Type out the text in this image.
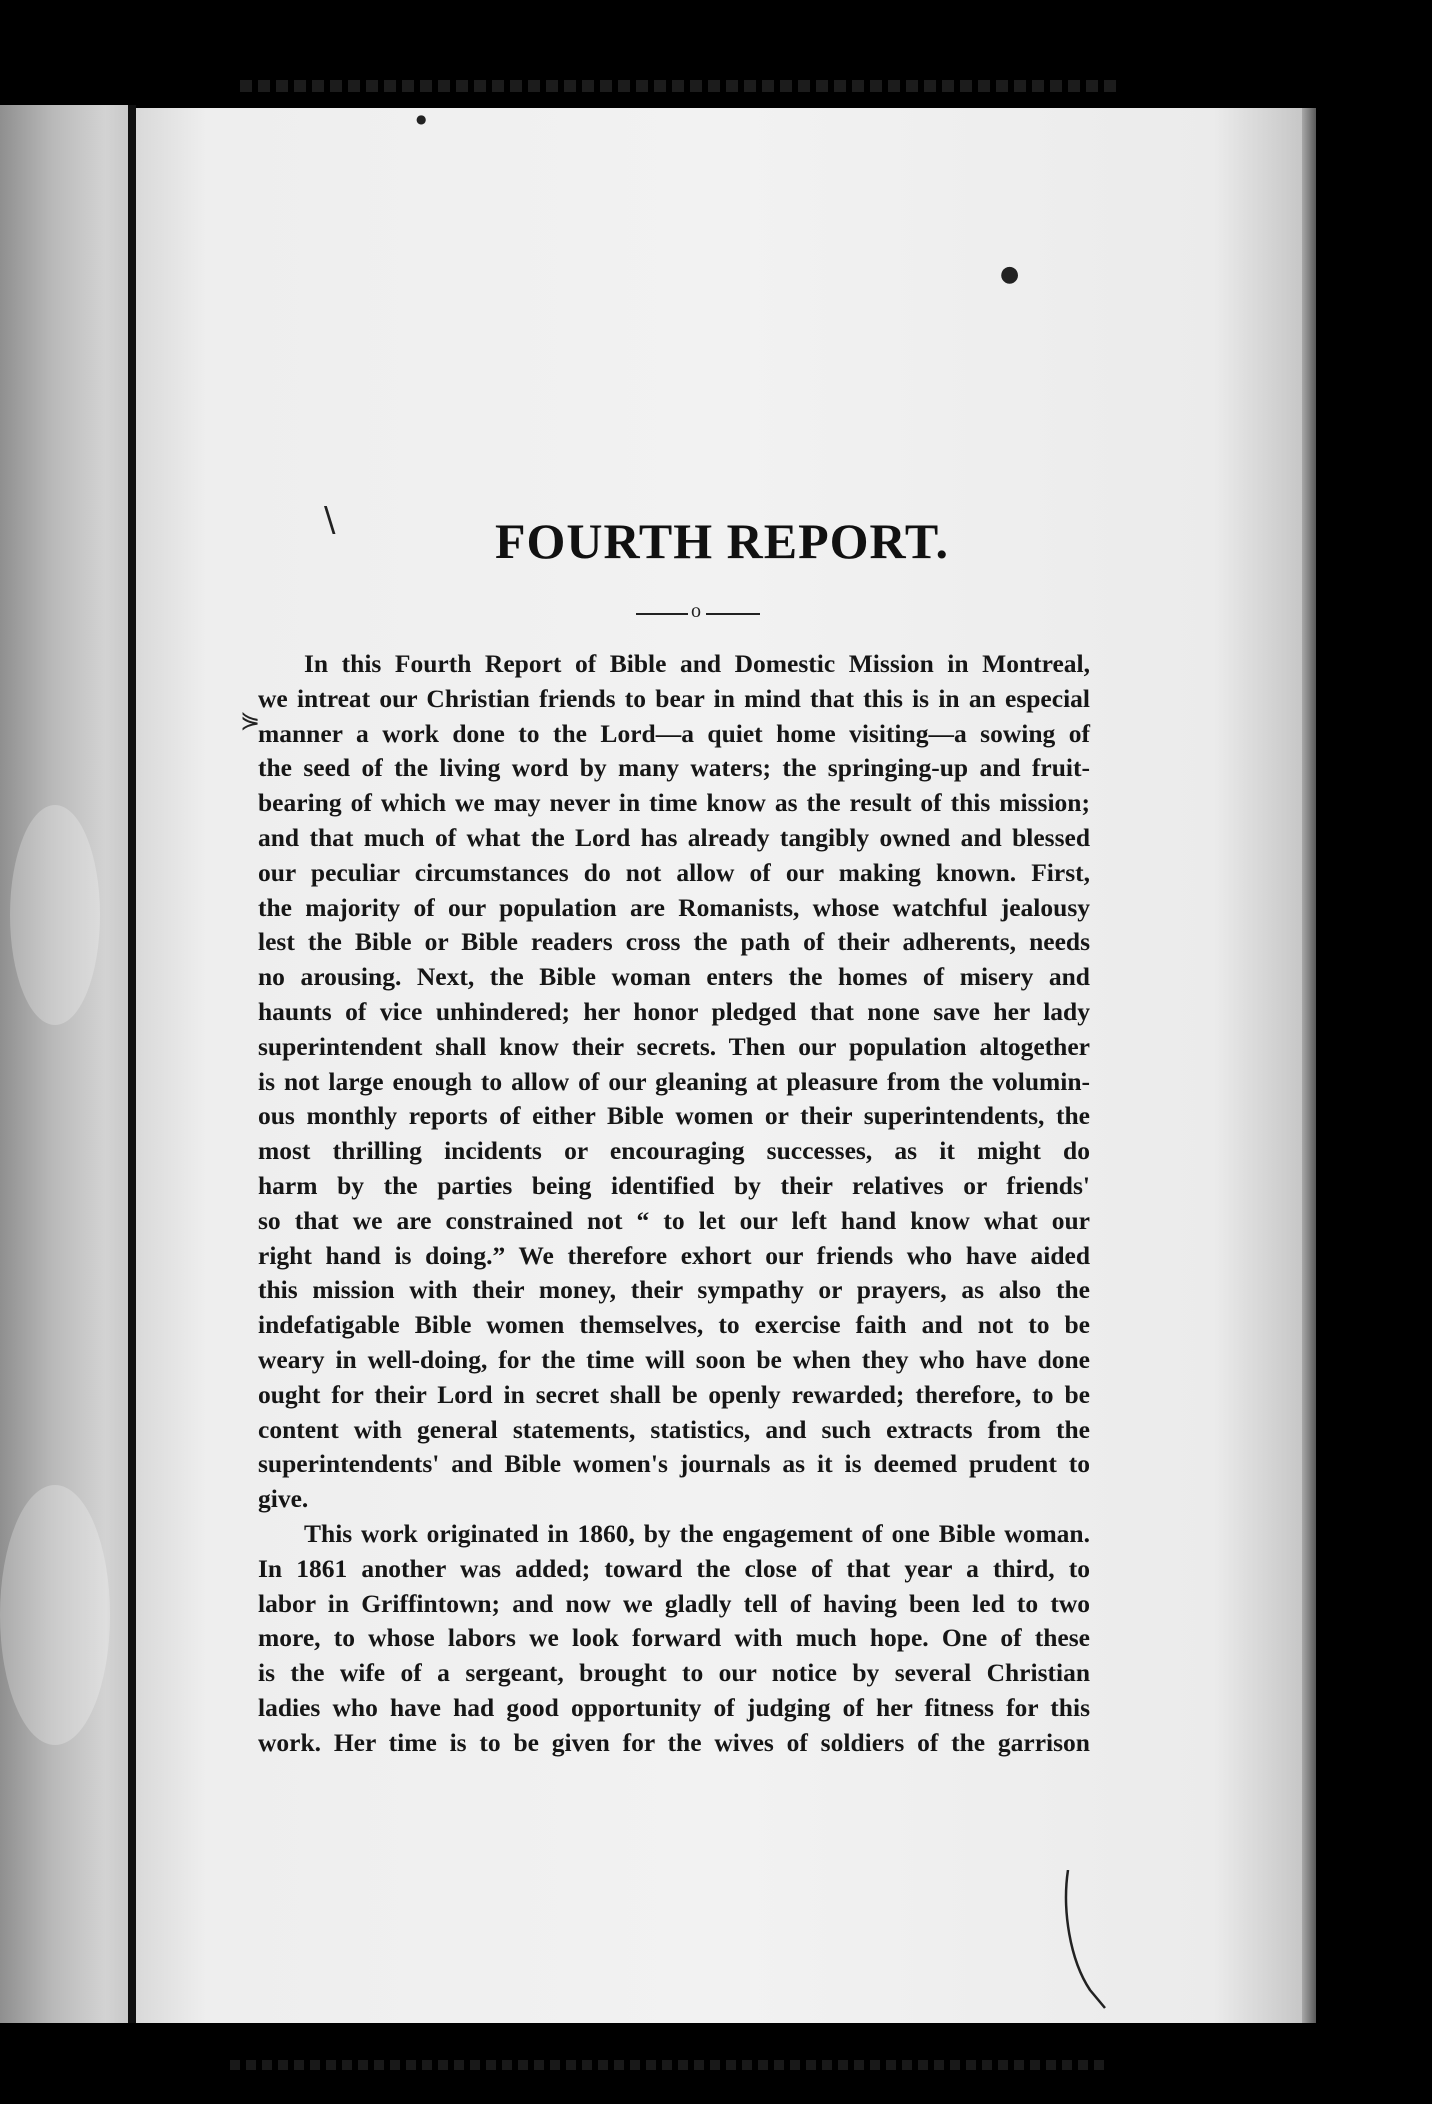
FOURTH REPORT.
o
In this Fourth Report of Bible and Domestic Mission in Montreal,
we intreat our Christian friends to bear in mind that this is in an especial
manner a work done to the Lord—a quiet home visiting—a sowing of
the seed of the living word by many waters; the springing-up and fruit-
bearing of which we may never in time know as the result of this mission;
and that much of what the Lord has already tangibly owned and blessed
our peculiar circumstances do not allow of our making known. First,
the majority of our population are Romanists, whose watchful jealousy
lest the Bible or Bible readers cross the path of their adherents, needs
no arousing. Next, the Bible woman enters the homes of misery and
haunts of vice unhindered; her honor pledged that none save her lady
superintendent shall know their secrets. Then our population altogether
is not large enough to allow of our gleaning at pleasure from the volumin-
ous monthly reports of either Bible women or their superintendents, the
most thrilling incidents or encouraging successes, as it might do
harm by the parties being identified by their relatives or friends'
so that we are constrained not “ to let our left hand know what our
right hand is doing.” We therefore exhort our friends who have aided
this mission with their money, their sympathy or prayers, as also the
indefatigable Bible women themselves, to exercise faith and not to be
weary in well-doing, for the time will soon be when they who have done
ought for their Lord in secret shall be openly rewarded; therefore, to be
content with general statements, statistics, and such extracts from the
superintendents' and Bible women's journals as it is deemed prudent to
give.
This work originated in 1860, by the engagement of one Bible woman.
In 1861 another was added; toward the close of that year a third, to
labor in Griffintown; and now we gladly tell of having been led to two
more, to whose labors we look forward with much hope. One of these
is the wife of a sergeant, brought to our notice by several Christian
ladies who have had good opportunity of judging of her fitness for this
work. Her time is to be given for the wives of soldiers of the garrison
\
●
⋟
●
